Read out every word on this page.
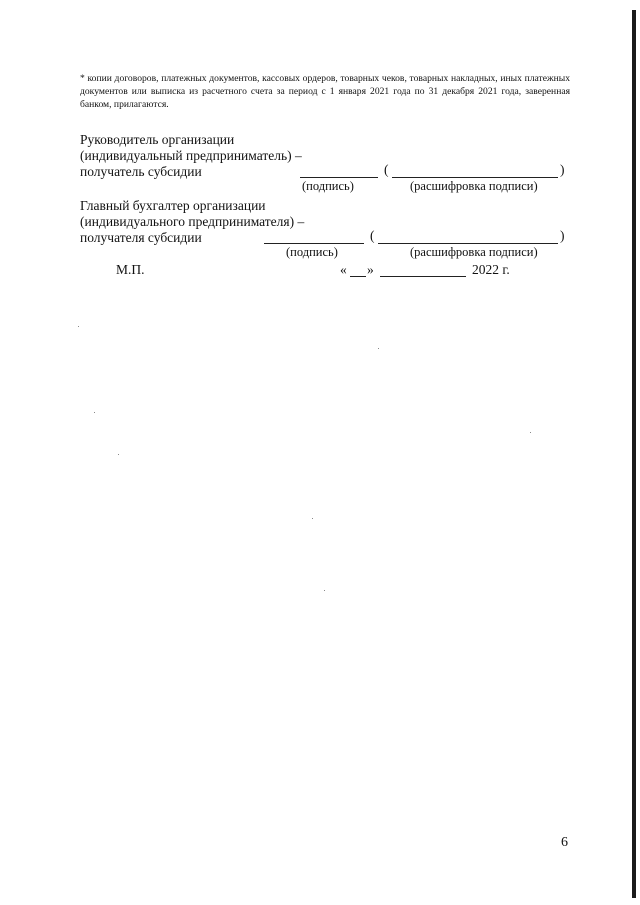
* копии договоров, платежных документов, кассовых ордеров, товарных чеков, товарных накладных, иных платежных документов или выписка из расчетного счета за период с 1 января 2021 года по 31 декабря 2021 года, заверенная банком, прилагаются.
Руководитель организации
(индивидуальный предприниматель) –
получатель субсидии	(	)
(подпись)	(расшифровка подписи)
Главный бухгалтер организации
(индивидуального предпринимателя) –
получателя субсидии	(	)
(подпись)	(расшифровка подписи)
М.П.	« »	2022 г.
6
